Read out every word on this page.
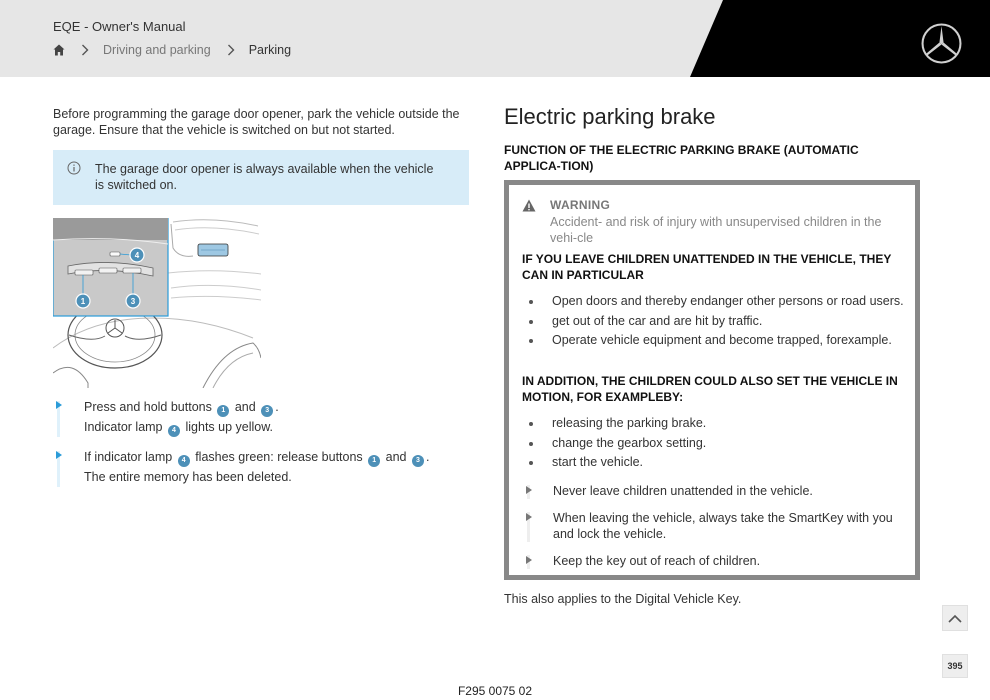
EQE - Owner's Manual
Driving and parking	Parking

Before programming the garage door opener, park the vehicle outside the garage. Ensure that the vehicle is switched on but not started.

The garage door opener is always available when the vehicle is switched on.

4
1	3
Press and hold buttons 1 and 3 .
Indicator lamp 4 lights up yellow.
If indicator lamp 4 flashes green: release buttons 1 and 3 .
The entire memory has been deleted.
Electric parking brake
FUNCTION OF THE ELECTRIC PARKING BRAKE (AUTOMATIC APPLICA-TION)
WARNING
Accident- and risk of injury with unsupervised children in the vehi-cle
IF YOU LEAVE CHILDREN UNATTENDED IN THE VEHICLE, THEY CAN IN PARTICULAR
Open doors and thereby endanger other persons or road users.
get out of the car and are hit by traffic.
Operate vehicle equipment and become trapped, forexample.
IN ADDITION, THE CHILDREN COULD ALSO SET THE VEHICLE IN MOTION, FOR EXAMPLEBY:
releasing the parking brake.
change the gearbox setting.
start the vehicle.
Never leave children unattended in the vehicle.
When leaving the vehicle, always take the SmartKey with you and lock the vehicle.
Keep the key out of reach of children.

This also applies to the Digital Vehicle Key.

395
F295 0075 02
